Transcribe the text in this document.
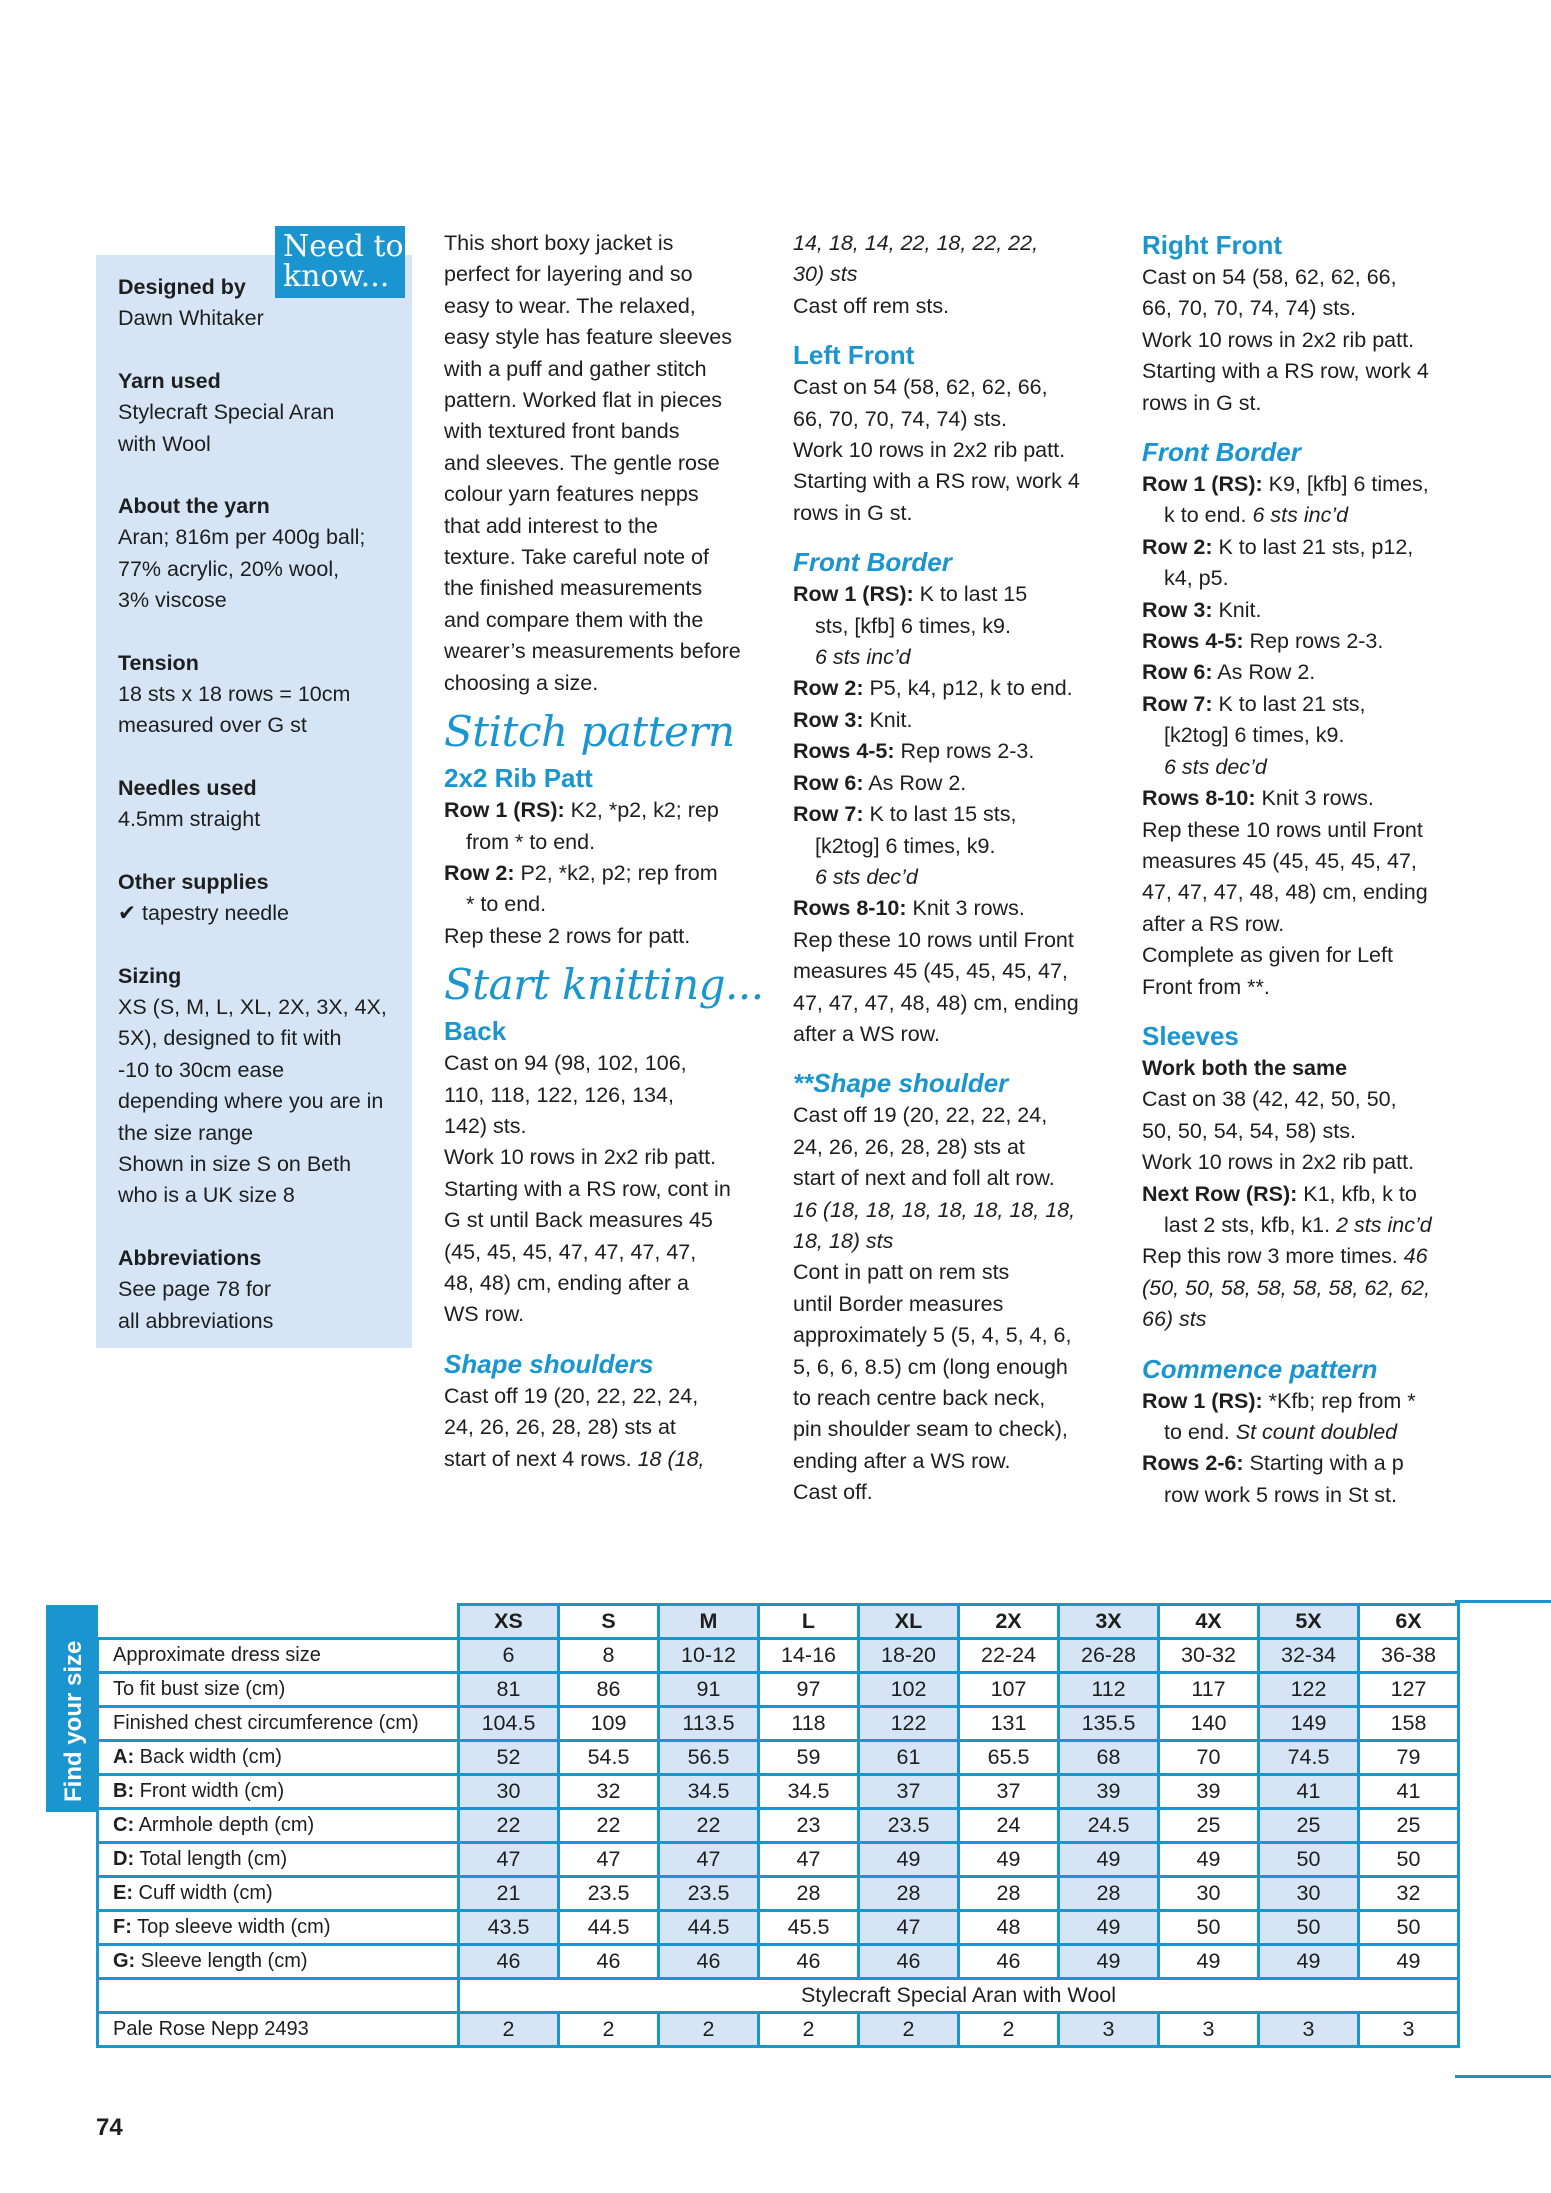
Designed by
Dawn Whitaker
Yarn used
Stylecraft Special Aran
with Wool
About the yarn
Aran; 816m per 400g ball;
77% acrylic, 20% wool,
3% viscose
Tension
18 sts x 18 rows = 10cm
measured over G st
Needles used
4.5mm straight
Other supplies
✔ tapestry needle
Sizing
XS (S, M, L, XL, 2X, 3X, 4X,
5X), designed to fit with
-10 to 30cm ease
depending where you are in
the size range
Shown in size S on Beth
who is a UK size 8
Abbreviations
See page 78 for
all abbreviations
Need to
know...

This short boxy jacket is

perfect for layering and so

easy to wear. The relaxed,

easy style has feature sleeves

with a puff and gather stitch

pattern. Worked flat in pieces

with textured front bands

and sleeves. The gentle rose

colour yarn features nepps

that add interest to the

texture. Take careful note of

the finished measurements

and compare them with the

wearer’s measurements before

choosing a size.

Stitch pattern

2x2 Rib Patt

Row 1 (RS): K2, *p2, k2; rep

from * to end.

Row 2: P2, *k2, p2; rep from

* to end.

Rep these 2 rows for patt.

Start knitting...

Back

Cast on 94 (98, 102, 106,

110, 118, 122, 126, 134,

142) sts.

Work 10 rows in 2x2 rib patt.

Starting with a RS row, cont in

G st until Back measures 45

(45, 45, 45, 47, 47, 47, 47,

48, 48) cm, ending after a

WS row.

Shape shoulders

Cast off 19 (20, 22, 22, 24,

24, 26, 26, 28, 28) sts at

start of next 4 rows. 18 (18,

14, 18, 14, 22, 18, 22, 22,

30) sts

Cast off rem sts.

Left Front

Cast on 54 (58, 62, 62, 66,

66, 70, 70, 74, 74) sts.

Work 10 rows in 2x2 rib patt.

Starting with a RS row, work 4

rows in G st.

Front Border

Row 1 (RS): K to last 15

sts, [kfb] 6 times, k9.

6 sts inc’d

Row 2: P5, k4, p12, k to end.

Row 3: Knit.

Rows 4-5: Rep rows 2-3.

Row 6: As Row 2.

Row 7: K to last 15 sts,

[k2tog] 6 times, k9.

6 sts dec’d

Rows 8-10: Knit 3 rows.

Rep these 10 rows until Front

measures 45 (45, 45, 45, 47,

47, 47, 47, 48, 48) cm, ending

after a WS row.

**Shape shoulder

Cast off 19 (20, 22, 22, 24,

24, 26, 26, 28, 28) sts at

start of next and foll alt row.

16 (18, 18, 18, 18, 18, 18, 18,

18, 18) sts

Cont in patt on rem sts

until Border measures

approximately 5 (5, 4, 5, 4, 6,

5, 6, 6, 8.5) cm (long enough

to reach centre back neck,

pin shoulder seam to check),

ending after a WS row.

Cast off.

Right Front

Cast on 54 (58, 62, 62, 66,

66, 70, 70, 74, 74) sts.

Work 10 rows in 2x2 rib patt.

Starting with a RS row, work 4

rows in G st.

Front Border

Row 1 (RS): K9, [kfb] 6 times,

k to end. 6 sts inc’d

Row 2: K to last 21 sts, p12,

k4, p5.

Row 3: Knit.

Rows 4-5: Rep rows 2-3.

Row 6: As Row 2.

Row 7: K to last 21 sts,

[k2tog] 6 times, k9.

6 sts dec’d

Rows 8-10: Knit 3 rows.

Rep these 10 rows until Front

measures 45 (45, 45, 45, 47,

47, 47, 47, 48, 48) cm, ending

after a RS row.

Complete as given for Left

Front from **.

Sleeves

Work both the same

Cast on 38 (42, 42, 50, 50,

50, 50, 54, 54, 58) sts.

Work 10 rows in 2x2 rib patt.

Next Row (RS): K1, kfb, k to

last 2 sts, kfb, k1. 2 sts inc’d

Rep this row 3 more times. 46

(50, 50, 58, 58, 58, 58, 62, 62,

66) sts

Commence pattern

Row 1 (RS): *Kfb; rep from *

to end. St count doubled

Rows 2-6: Starting with a p

row work 5 rows in St st.

Find your size
	XS	S	M	L	XL	2X	3X	4X	5X	6X
Approximate dress size	6	8	10-12	14-16	18-20	22-24	26-28	30-32	32-34	36-38
To fit bust size (cm)	81	86	91	97	102	107	112	117	122	127
Finished chest circumference (cm)	104.5	109	113.5	118	122	131	135.5	140	149	158
A: Back width (cm)	52	54.5	56.5	59	61	65.5	68	70	74.5	79
B: Front width (cm)	30	32	34.5	34.5	37	37	39	39	41	41
C: Armhole depth (cm)	22	22	22	23	23.5	24	24.5	25	25	25
D: Total length (cm)	47	47	47	47	49	49	49	49	50	50
E: Cuff width (cm)	21	23.5	23.5	28	28	28	28	30	30	32
F: Top sleeve width (cm)	43.5	44.5	44.5	45.5	47	48	49	50	50	50
G: Sleeve length (cm)	46	46	46	46	46	46	49	49	49	49
	Stylecraft Special Aran with Wool									
Pale Rose Nepp 2493	2	2	2	2	2	2	3	3	3	3
74
